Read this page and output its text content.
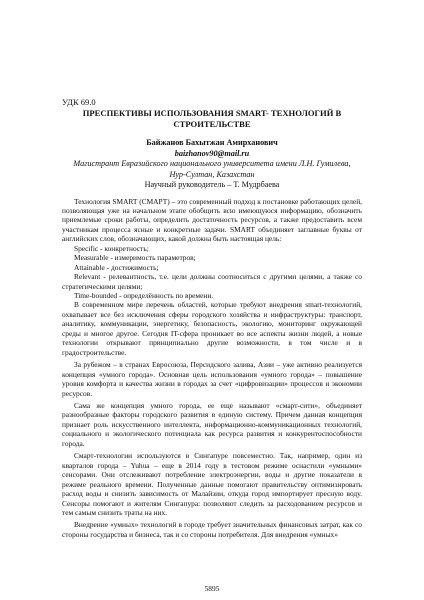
УДК 69.0
ПРЕСПЕКТИВЫ ИСПОЛЬЗОВАНИЯ SMART- ТЕХНОЛОГИЙ В СТРОИТЕЛЬСТВЕ
Байжанов Бахытжан Амирханович
baizhanov90@mail.ru
Магистрант Евразийского национального университета имени Л.Н. Гумилева,
Нур-Султан, Казахстан

Научный руководитель – Т. Мудрбаева

Технология SMART (СМАРТ) – это современный подход к постановке работающих целей, позволяющая уже на начальном этапе обобщить всю имеющуюся информацию, обозначить приемлемые сроки работы, определить достаточность ресурсов, а также предоставить всем участникам процесса ясные и конкретные задачи. SMART объединяет заглавные буквы от английских слов, обозначающих, какой должна быть настоящая цель:

Specific - конкретность;

Measurable - измеримость параметров;

Attainable - достижимость;

Relevant - релевантность, т.е. цели должны соотноситься с другими целями, а также со стратегическими целями;

Time-bounded - определённость по времени.

В современном мире перечень областей, которые требуют внедрения smart-технологий, охватывает все без исключения сферы городского хозяйства и инфраструктуры: транспорт, аналитику, коммуникации, энергетику, безопасность, экологию, мониторинг окружающей среды и многое другое. Сегодня IT-сфера проникает во все аспекты жизни людей, а новые технологии открывают принципиально другие возможности, в том числе и в градостроительстве.

За рубежом – в странах Евросоюза, Персидского залива, Азии – уже активно реализуется концепция «умного города». Основная цель использования «умного города» – повышение уровня комфорта и качества жизни в городах за счет «цифровизации» процессов и экономии ресурсов.

Сама же концепция умного города, ее еще называют «смарт-сити», объединяет разнообразные факторы городского развития в единую систему. Причем данная концепция признает роль искусственного интеллекта, информационно-коммуникационных технологий, социального и экологического потенциала как ресурса развития и конкурентоспособности города.

Смарт-технологии используются в Сингапуре повсеместно. Так, например, один из кварталов города – Yuhua – еще в 2014 году в тестовом режиме оснастили «умными» сенсорами. Они отслеживают потребление электроэнергии, воды и другие показатели в режиме реального времени. Полученные данные помогают правительству оптимизировать расход воды и снизить зависимость от Малайзии, откуда город импортирует пресную воду. Сенсоры помогают и жителям Сингапура: позволяют следить за расходованием ресурсов и тем самым снизить траты на них.

Внедрение «умных» технологий в городе требует значительных финансовых затрат, как со стороны государства и бизнеса, так и со стороны потребителя. Для внедрения «умных»

5895
